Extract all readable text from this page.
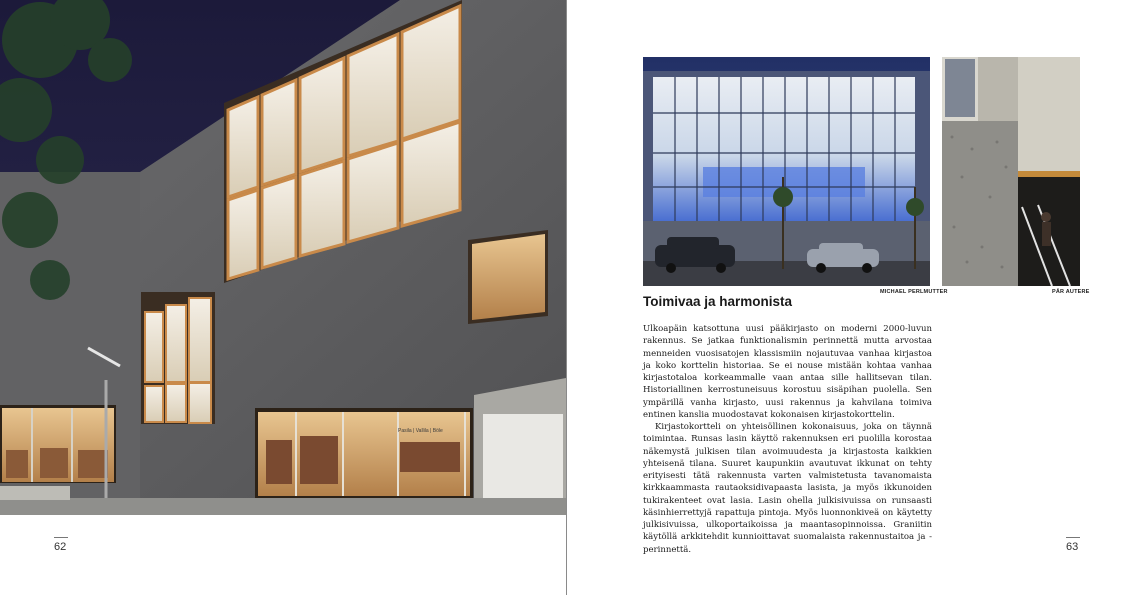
Pasila | Vallila | Böle
62
MICHAEL PERLMUTTER	PÄR AUTERE
Toimivaa ja harmonista

Ulkoapäin katsottuna uusi pääkirjasto on moderni 2000-luvun rakennus. Se jatkaa funktionalismin perinnettä mutta arvostaa menneiden vuosisatojen klassismiin nojautuvaa vanhaa kirjastoa ja koko korttelin historiaa. Se ei nouse mistään kohtaa vanhaa kirjastotaloa korkeammalle vaan antaa sille hallitsevan tilan. Historiallinen kerrostuneisuus korostuu sisäpihan puolella. Sen ympärillä vanha kirjasto, uusi rakennus ja kahvilana toimiva entinen kanslia muodostavat kokonaisen kirjastokorttelin.

Kirjastokortteli on yhteisöllinen kokonaisuus, joka on täynnä toimintaa. Runsas lasin käyttö rakennuksen eri puolilla korostaa näkemystä julkisen tilan avoimuudesta ja kirjastosta kaikkien yhteisenä tilana. Suuret kaupunkiin avautuvat ikkunat on tehty erityisesti tätä rakennusta varten valmistetusta tavanomaista kirkkaammasta rautaoksidivapaasta lasista, ja myös ikkunoiden tukirakenteet ovat lasia. Lasin ohella julkisivuissa on runsaasti käsinhierrettyjä rapattuja pintoja. Myös luonnonkiveä on käytetty julkisivuissa, ulkoportaikoissa ja maantasopinnoissa. Graniitin käytöllä arkkitehdit kunnioittavat suomalaista rakennustaitoa ja -perinnettä.	63
